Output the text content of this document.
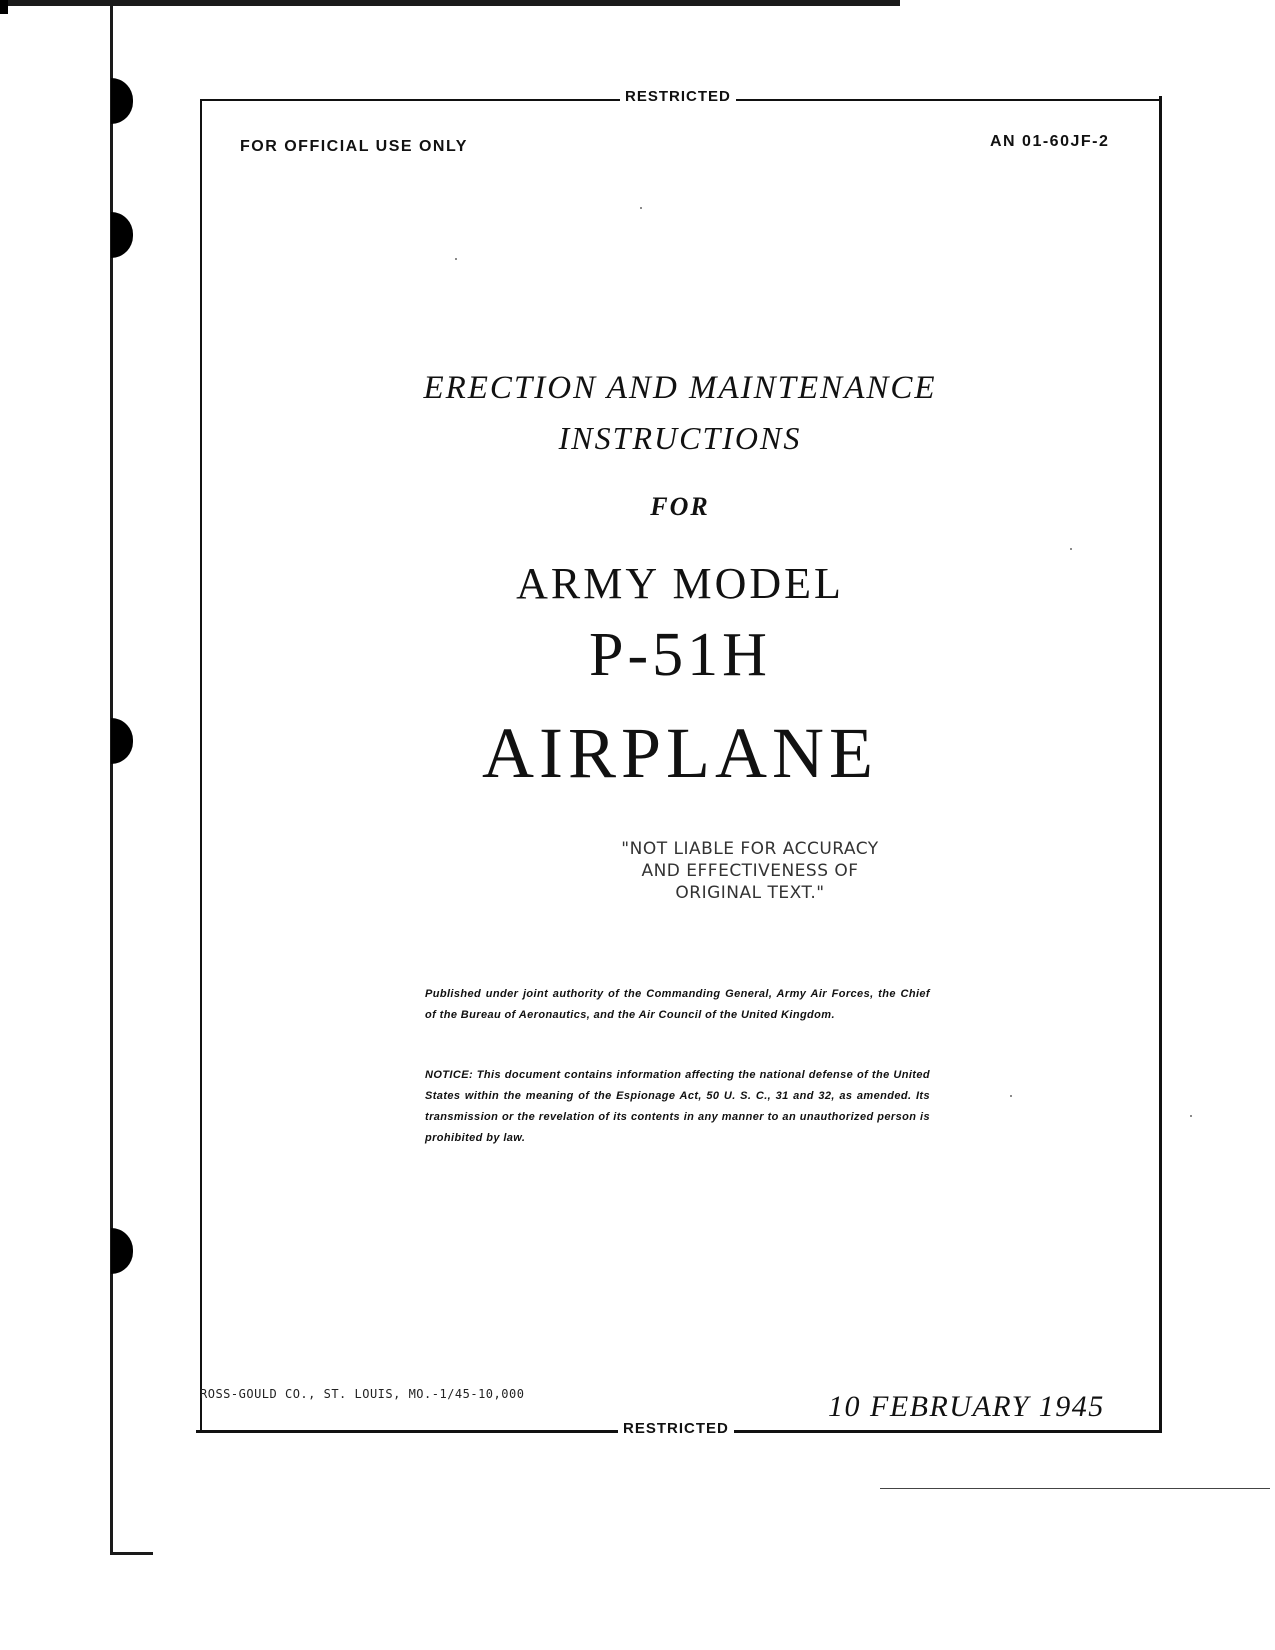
RESTRICTED
RESTRICTED
FOR OFFICIAL USE ONLY	AN 01-60JF-2
ERECTION AND MAINTENANCE
INSTRUCTIONS
FOR
ARMY MODEL
P-51H
AIRPLANE
"NOT LIABLE FOR ACCURACY
AND EFFECTIVENESS OF
ORIGINAL TEXT."
Published under joint authority of the Commanding General, Army Air Forces, the Chief of the Bureau of Aeronautics, and the Air Council of the United Kingdom.
NOTICE: This document contains information affecting the national defense of the United States within the meaning of the Espionage Act, 50 U. S. C., 31 and 32, as amended. Its transmission or the revelation of its contents in any manner to an unauthorized person is prohibited by law.
ROSS-GOULD CO., ST. LOUIS, MO.-1/45-10,000	10 FEBRUARY 1945
